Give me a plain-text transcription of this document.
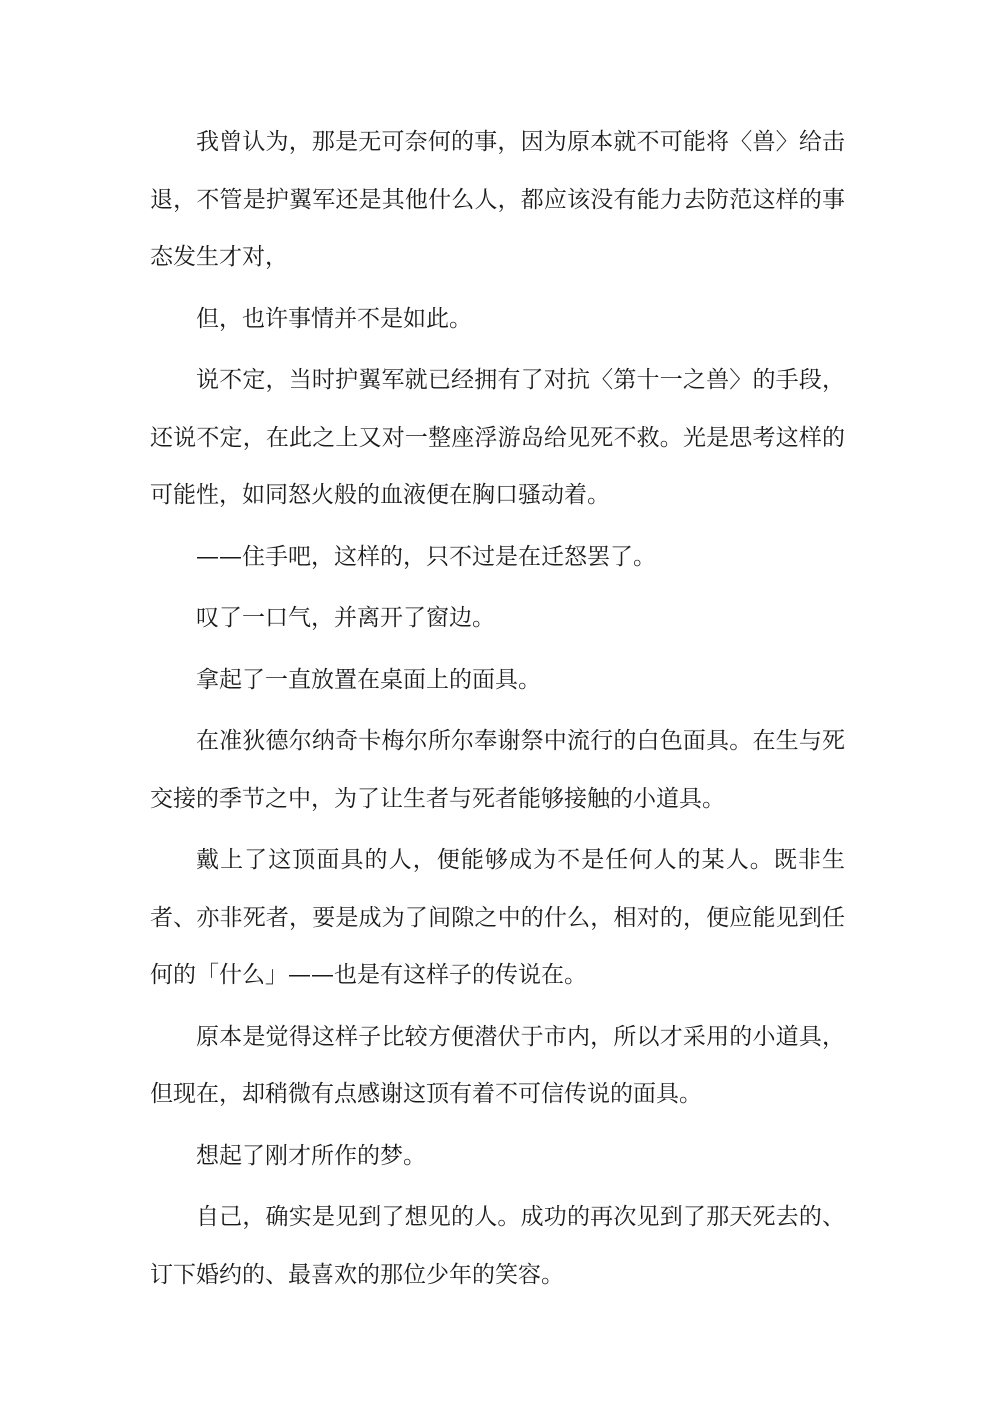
我曾认为，那是无可奈何的事，因为原本就不可能将〈兽〉给击退，不管是护翼军还是其他什么人，都应该没有能力去防范这样的事态发生才对，

但，也许事情并不是如此。

说不定，当时护翼军就已经拥有了对抗〈第十一之兽〉的手段，还说不定，在此之上又对一整座浮游岛给见死不救。光是思考这样的可能性，如同怒火般的血液便在胸口骚动着。

——住手吧，这样的，只不过是在迁怒罢了。

叹了一口气，并离开了窗边。

拿起了一直放置在桌面上的面具。

在准狄德尔纳奇卡梅尔所尔奉谢祭中流行的白色面具。在生与死交接的季节之中，为了让生者与死者能够接触的小道具。

戴上了这顶面具的人，便能够成为不是任何人的某人。既非生者、亦非死者，要是成为了间隙之中的什么，相对的，便应能见到任何的「什么」——也是有这样子的传说在。

原本是觉得这样子比较方便潜伏于市内，所以才采用的小道具，但现在，却稍微有点感谢这顶有着不可信传说的面具。

想起了刚才所作的梦。

自己，确实是见到了想见的人。成功的再次见到了那天死去的、订下婚约的、最喜欢的那位少年的笑容。
